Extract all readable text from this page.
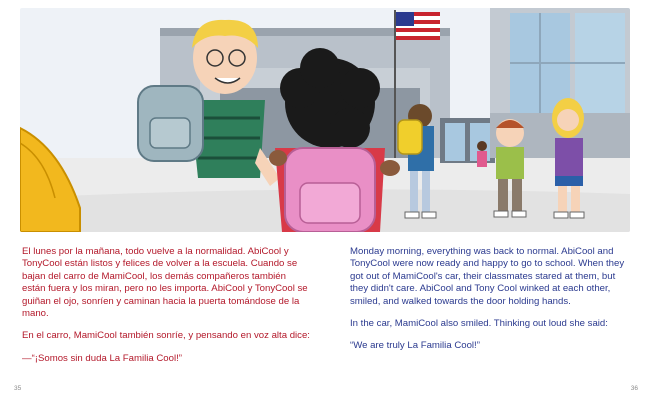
El lunes por la mañana, todo vuelve a la normalidad. AbiCool y TonyCool están listos y felices de volver a la escuela. Cuando se bajan del carro de MamiCool, los demás compañeros también están fuera y los miran, pero no les importa. AbiCool y TonyCool se guiñan el ojo, sonríen y caminan hacia la puerta tomándose de la mano.

En el carro, MamiCool también sonríe, y pensando en voz alta dice:

—“¡Somos sin duda La Familia Cool!”

Monday morning, everything was back to normal. AbiCool and TonyCool were now ready and happy to go to school. When they got out of MamiCool's car, their classmates stared at them, but they didn't care. AbiCool and Tony Cool winked at each other, smiled, and walked towards the door holding hands.

In the car, MamiCool also smiled. Thinking out loud she said:

“We are truly La Familia Cool!”

35	36
